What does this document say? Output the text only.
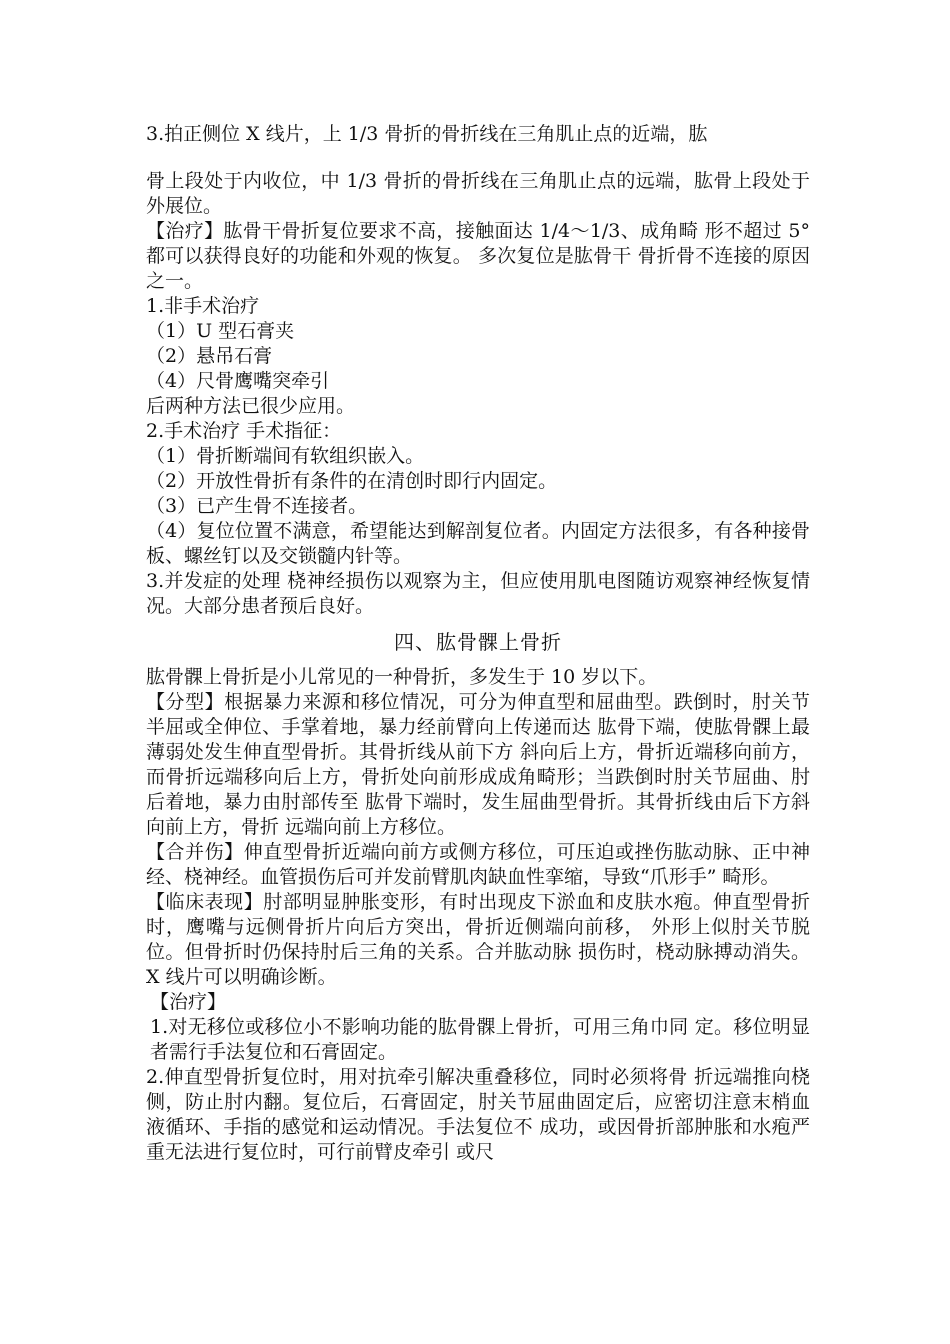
3.拍正侧位 X 线片，上 1/3 骨折的骨折线在三角肌止点的近端，肱

骨上段处于内收位，中 1/3 骨折的骨折线在三角肌止点的远端，肱骨上段处于外展位。

【治疗】肱骨干骨折复位要求不高，接触面达 1/4～1/3、成角畸 形不超过 5°都可以获得良好的功能和外观的恢复。 多次复位是肱骨干 骨折骨不连接的原因之一。

1.非手术治疗

（1）U 型石膏夹

（2）悬吊石膏

（4）尺骨鹰嘴突牵引

后两种方法已很少应用。

2.手术治疗 手术指征：

（1）骨折断端间有软组织嵌入。

（2）开放性骨折有条件的在清创时即行内固定。

（3）已产生骨不连接者。

（4）复位位置不满意，希望能达到解剖复位者。内固定方法很多，有各种接骨板、螺丝钉以及交锁髓内针等。

3.并发症的处理 桡神经损伤以观察为主，但应使用肌电图随访观察神经恢复情况。大部分患者预后良好。

四、肱骨髁上骨折

肱骨髁上骨折是小儿常见的一种骨折，多发生于 10 岁以下。

【分型】根据暴力来源和移位情况，可分为伸直型和屈曲型。跌倒时，肘关节半屈或全伸位、手掌着地，暴力经前臂向上传递而达 肱骨下端，使肱骨髁上最薄弱处发生伸直型骨折。其骨折线从前下方 斜向后上方，骨折近端移向前方，而骨折远端移向后上方，骨折处向前形成成角畸形；当跌倒时肘关节屈曲、肘后着地，暴力由肘部传至 肱骨下端时，发生屈曲型骨折。其骨折线由后下方斜向前上方，骨折 远端向前上方移位。

【合并伤】伸直型骨折近端向前方或侧方移位，可压迫或挫伤肱动脉、正中神经、桡神经。血管损伤后可并发前臂肌肉缺血性挛缩，导致“爪形手” 畸形。

【临床表现】肘部明显肿胀变形，有时出现皮下淤血和皮肤水疱。伸直型骨折时，鹰嘴与远侧骨折片向后方突出，骨折近侧端向前移， 外形上似肘关节脱位。但骨折时仍保持肘后三角的关系。合并肱动脉 损伤时，桡动脉搏动消失。X 线片可以明确诊断。

【治疗】

1.对无移位或移位小不影响功能的肱骨髁上骨折，可用三角巾同 定。移位明显者需行手法复位和石膏固定。

2.伸直型骨折复位时，用对抗牵引解决重叠移位，同时必须将骨 折远端推向桡侧，防止肘内翻。复位后，石膏固定，肘关节屈曲固定后，应密切注意末梢血液循环、手指的感觉和运动情况。手法复位不 成功，或因骨折部肿胀和水疱严重无法进行复位时，可行前臂皮牵引 或尺
